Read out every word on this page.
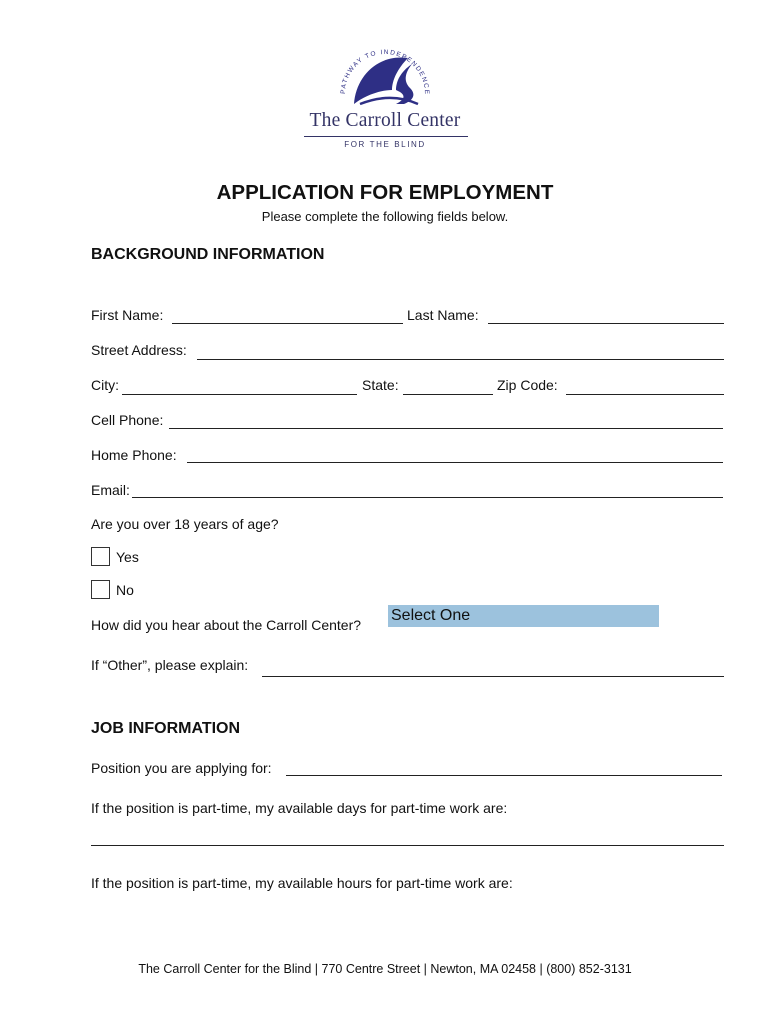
PATHWAY TO INDEPENDENCE
The Carroll Center
FOR THE BLIND
APPLICATION FOR EMPLOYMENT
Please complete the following fields below.
BACKGROUND INFORMATION
First Name:	Last Name:
Street Address:
City:	State:	Zip Code:
Cell Phone:
Home Phone:
Email:
Are you over 18 years of age?
Yes
No
How did you hear about the Carroll Center?
Select One
If “Other”, please explain:
JOB INFORMATION
Position you are applying for:
If the position is part-time, my available days for part-time work are:
If the position is part-time, my available hours for part-time work are:
The Carroll Center for the Blind | 770 Centre Street | Newton, MA 02458 | (800) 852-3131
